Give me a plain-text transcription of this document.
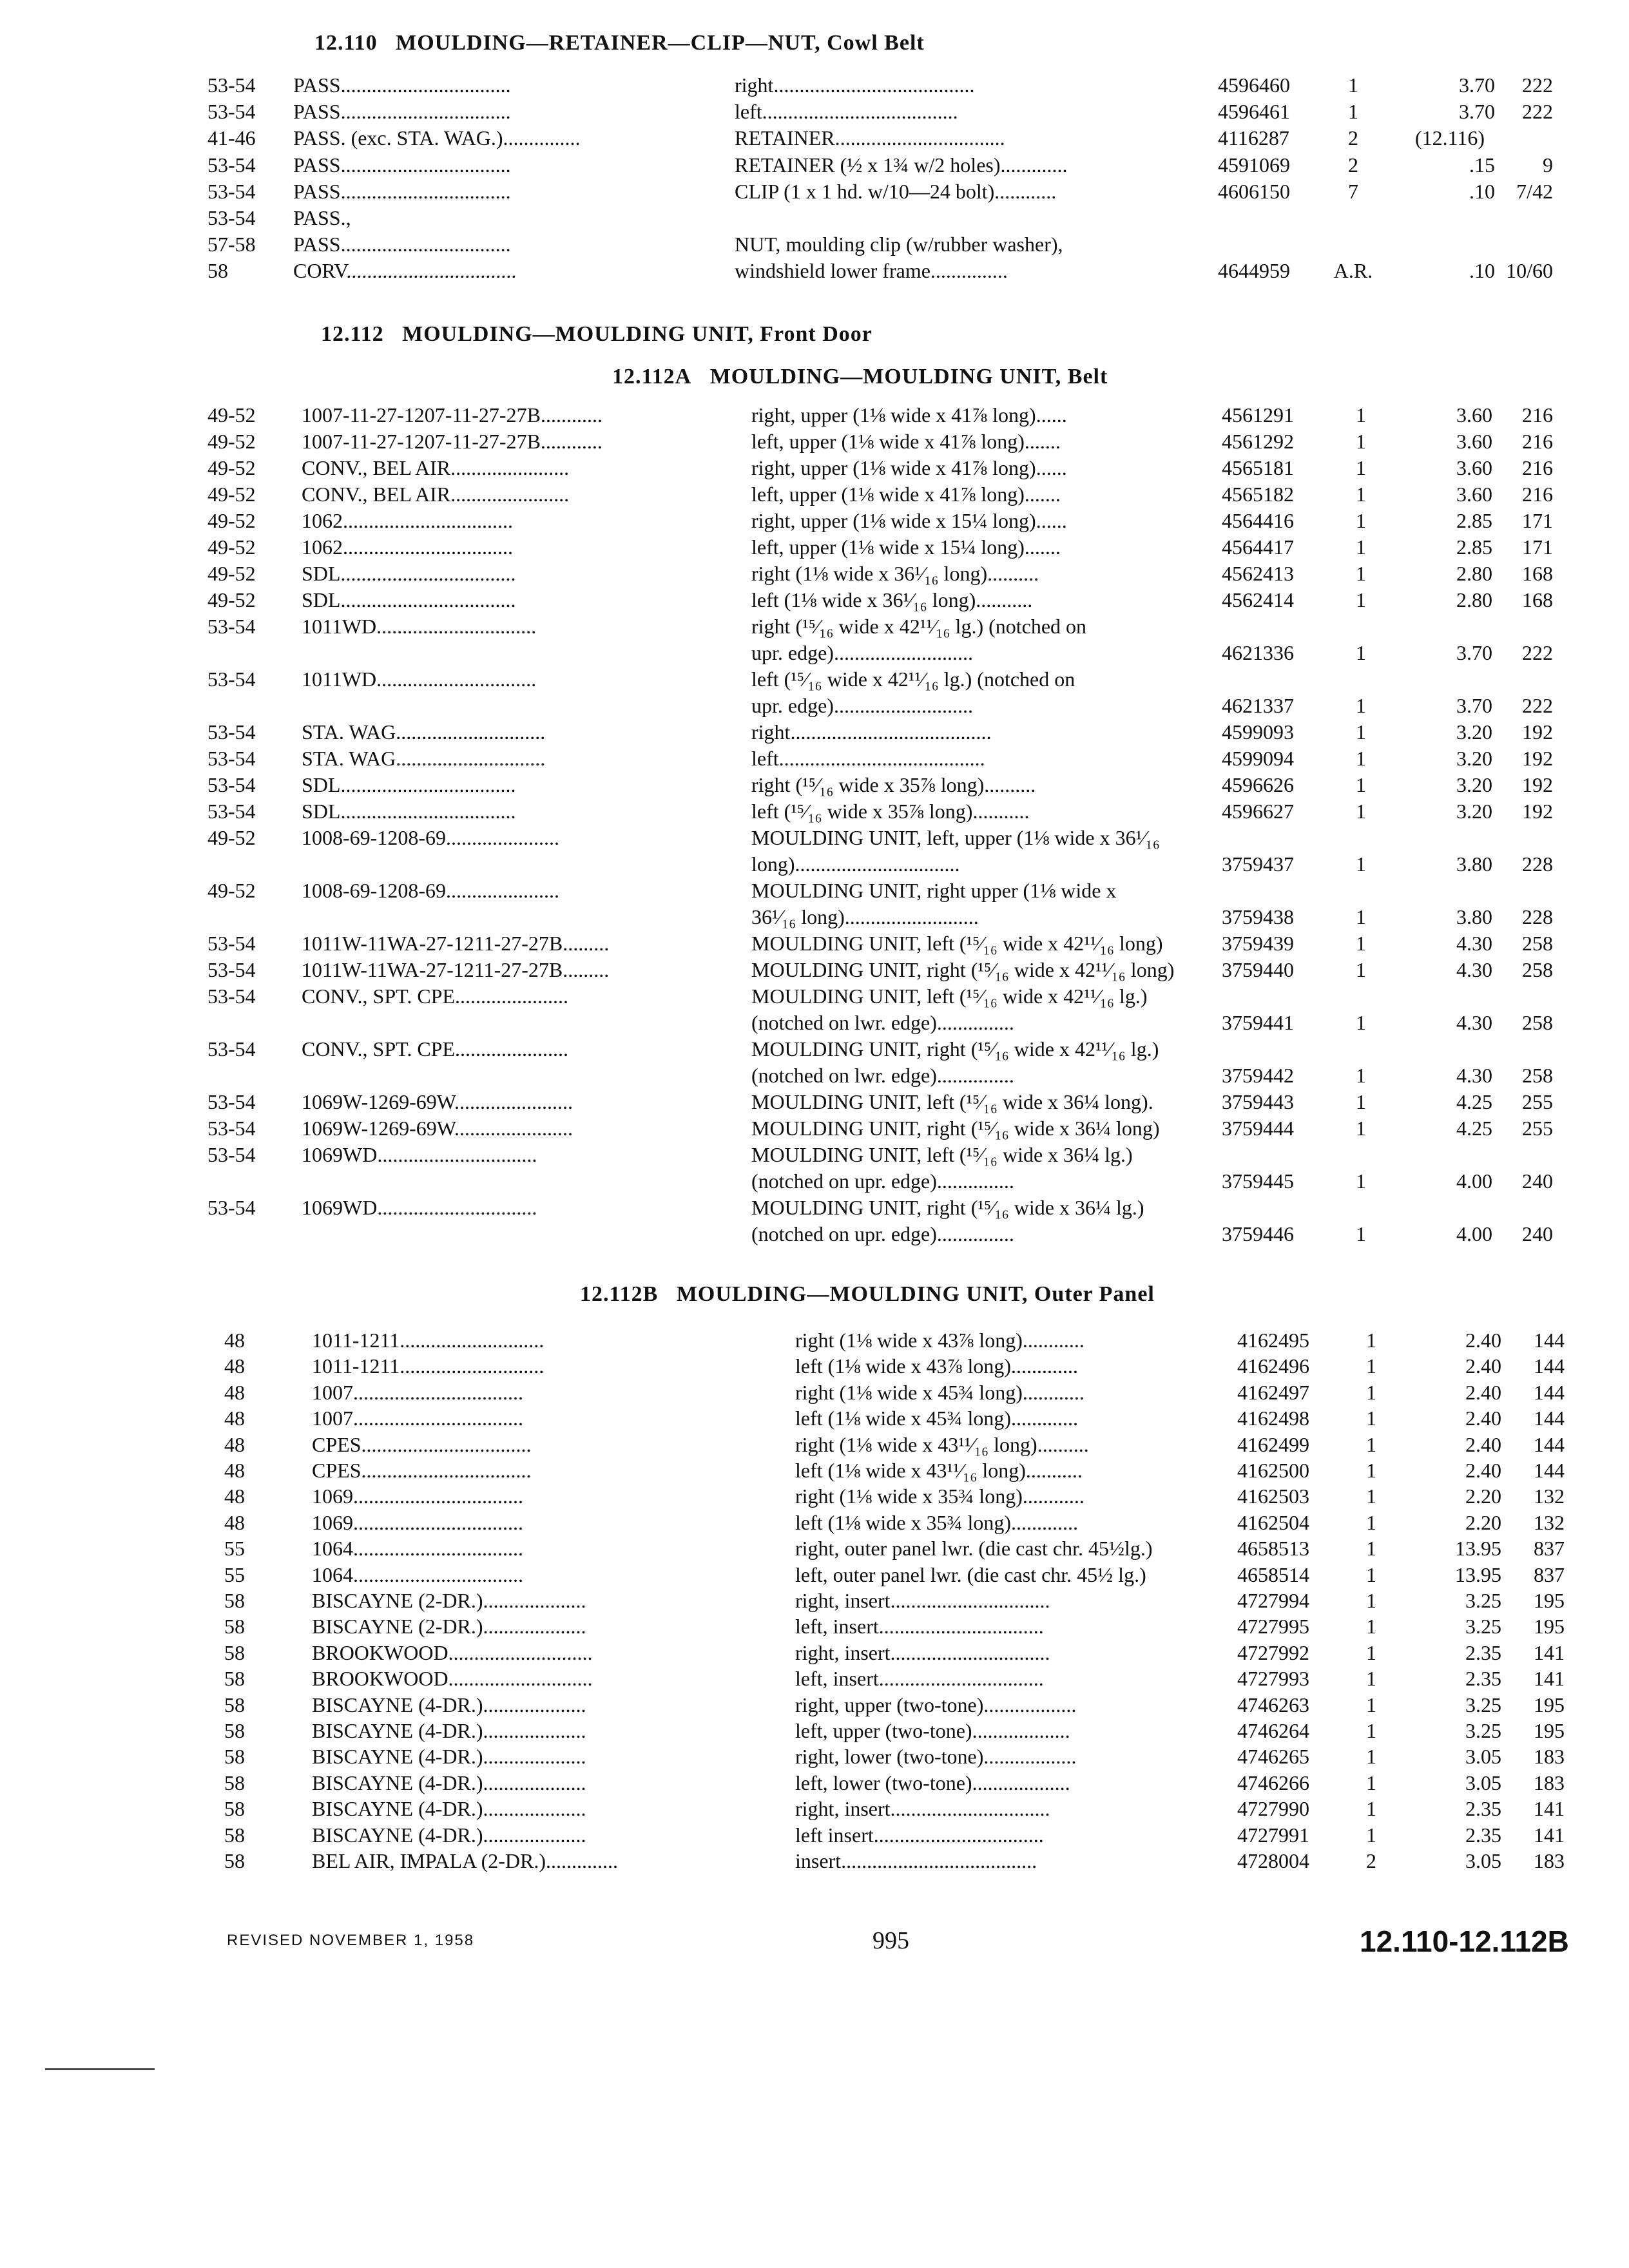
12.110 MOULDING—RETAINER—CLIP—NUT, Cowl Belt
53-54	PASS.................................	right.......................................	4596460	1	3.70	222
53-54	PASS.................................	left......................................	4596461	1	3.70	222
41-46	PASS. (exc. STA. WAG.)...............	RETAINER.................................	4116287	2	(12.116)
53-54	PASS.................................	RETAINER (½ x 1¾ w/2 holes).............	4591069	2	.15	9
53-54	PASS.................................	CLIP (1 x 1 hd. w/10—24 bolt)............	4606150	7	.10	7/42
53-54	PASS.,
57-58	PASS.................................	NUT, moulding clip (w/rubber washer),
58	CORV.................................	windshield lower frame...............	4644959	A.R.	.10 10/60
12.112 MOULDING—MOULDING UNIT, Front Door
12.112A MOULDING—MOULDING UNIT, Belt
49-52	1007-11-27-1207-11-27-27B............	right, upper (1⅛ wide x 41⅞ long)......	4561291	1	3.60	216
49-52	1007-11-27-1207-11-27-27B............	left, upper (1⅛ wide x 41⅞ long).......	4561292	1	3.60	216
49-52	CONV., BEL AIR.......................	right, upper (1⅛ wide x 41⅞ long)......	4565181	1	3.60	216
49-52	CONV., BEL AIR.......................	left, upper (1⅛ wide x 41⅞ long).......	4565182	1	3.60	216
49-52	1062.................................	right, upper (1⅛ wide x 15¼ long)......	4564416	1	2.85	171
49-52	1062.................................	left, upper (1⅛ wide x 15¼ long).......	4564417	1	2.85	171
49-52	SDL..................................	right (1⅛ wide x 36¹⁄₁₆ long)..........	4562413	1	2.80	168
49-52	SDL..................................	left (1⅛ wide x 36¹⁄₁₆ long)...........	4562414	1	2.80	168
53-54	1011WD...............................	right (¹⁵⁄₁₆ wide x 42¹¹⁄₁₆ lg.) (notched on
upr. edge)...........................	4621336	1	3.70	222
53-54	1011WD...............................	left (¹⁵⁄₁₆ wide x 42¹¹⁄₁₆ lg.) (notched on
upr. edge)...........................	4621337	1	3.70	222
53-54	STA. WAG.............................	right.......................................	4599093	1	3.20	192
53-54	STA. WAG.............................	left........................................	4599094	1	3.20	192
53-54	SDL..................................	right (¹⁵⁄₁₆ wide x 35⅞ long)..........	4596626	1	3.20	192
53-54	SDL..................................	left (¹⁵⁄₁₆ wide x 35⅞ long)...........	4596627	1	3.20	192
49-52	1008-69-1208-69......................	MOULDING UNIT, left, upper (1⅛ wide x 36¹⁄₁₆
long)................................	3759437	1	3.80	228
49-52	1008-69-1208-69......................	MOULDING UNIT, right upper (1⅛ wide x
36¹⁄₁₆ long)..........................	3759438	1	3.80	228
53-54	1011W-11WA-27-1211-27-27B.........	MOULDING UNIT, left (¹⁵⁄₁₆ wide x 42¹¹⁄₁₆ long)	3759439	1	4.30	258
53-54	1011W-11WA-27-1211-27-27B.........	MOULDING UNIT, right (¹⁵⁄₁₆ wide x 42¹¹⁄₁₆ long)	3759440	1	4.30	258
53-54	CONV., SPT. CPE......................	MOULDING UNIT, left (¹⁵⁄₁₆ wide x 42¹¹⁄₁₆ lg.)
(notched on lwr. edge)...............	3759441	1	4.30	258
53-54	CONV., SPT. CPE......................	MOULDING UNIT, right (¹⁵⁄₁₆ wide x 42¹¹⁄₁₆ lg.)
(notched on lwr. edge)...............	3759442	1	4.30	258
53-54	1069W-1269-69W.......................	MOULDING UNIT, left (¹⁵⁄₁₆ wide x 36¼ long).	3759443	1	4.25	255
53-54	1069W-1269-69W.......................	MOULDING UNIT, right (¹⁵⁄₁₆ wide x 36¼ long)	3759444	1	4.25	255
53-54	1069WD...............................	MOULDING UNIT, left (¹⁵⁄₁₆ wide x 36¼ lg.)
(notched on upr. edge)...............	3759445	1	4.00	240
53-54	1069WD...............................	MOULDING UNIT, right (¹⁵⁄₁₆ wide x 36¼ lg.)
(notched on upr. edge)...............	3759446	1	4.00	240
12.112B MOULDING—MOULDING UNIT, Outer Panel
48	1011-1211............................	right (1⅛ wide x 43⅞ long)............	4162495	1	2.40	144
48	1011-1211............................	left (1⅛ wide x 43⅞ long).............	4162496	1	2.40	144
48	1007.................................	right (1⅛ wide x 45¾ long)............	4162497	1	2.40	144
48	1007.................................	left (1⅛ wide x 45¾ long).............	4162498	1	2.40	144
48	CPES.................................	right (1⅛ wide x 43¹¹⁄₁₆ long)..........	4162499	1	2.40	144
48	CPES.................................	left (1⅛ wide x 43¹¹⁄₁₆ long)...........	4162500	1	2.40	144
48	1069.................................	right (1⅛ wide x 35¾ long)............	4162503	1	2.20	132
48	1069.................................	left (1⅛ wide x 35¾ long).............	4162504	1	2.20	132
55	1064.................................	right, outer panel lwr. (die cast chr. 45½lg.)	4658513	1	13.95	837
55	1064.................................	left, outer panel lwr. (die cast chr. 45½ lg.)	4658514	1	13.95	837
58	BISCAYNE (2-DR.)....................	right, insert...............................	4727994	1	3.25	195
58	BISCAYNE (2-DR.)....................	left, insert................................	4727995	1	3.25	195
58	BROOKWOOD............................	right, insert...............................	4727992	1	2.35	141
58	BROOKWOOD............................	left, insert................................	4727993	1	2.35	141
58	BISCAYNE (4-DR.)....................	right, upper (two-tone)..................	4746263	1	3.25	195
58	BISCAYNE (4-DR.)....................	left, upper (two-tone)...................	4746264	1	3.25	195
58	BISCAYNE (4-DR.)....................	right, lower (two-tone)..................	4746265	1	3.05	183
58	BISCAYNE (4-DR.)....................	left, lower (two-tone)...................	4746266	1	3.05	183
58	BISCAYNE (4-DR.)....................	right, insert...............................	4727990	1	2.35	141
58	BISCAYNE (4-DR.)....................	left insert.................................	4727991	1	2.35	141
58	BEL AIR, IMPALA (2-DR.)..............	insert......................................	4728004	2	3.05	183
REVISED NOVEMBER 1, 1958	995	12.110-12.112B
